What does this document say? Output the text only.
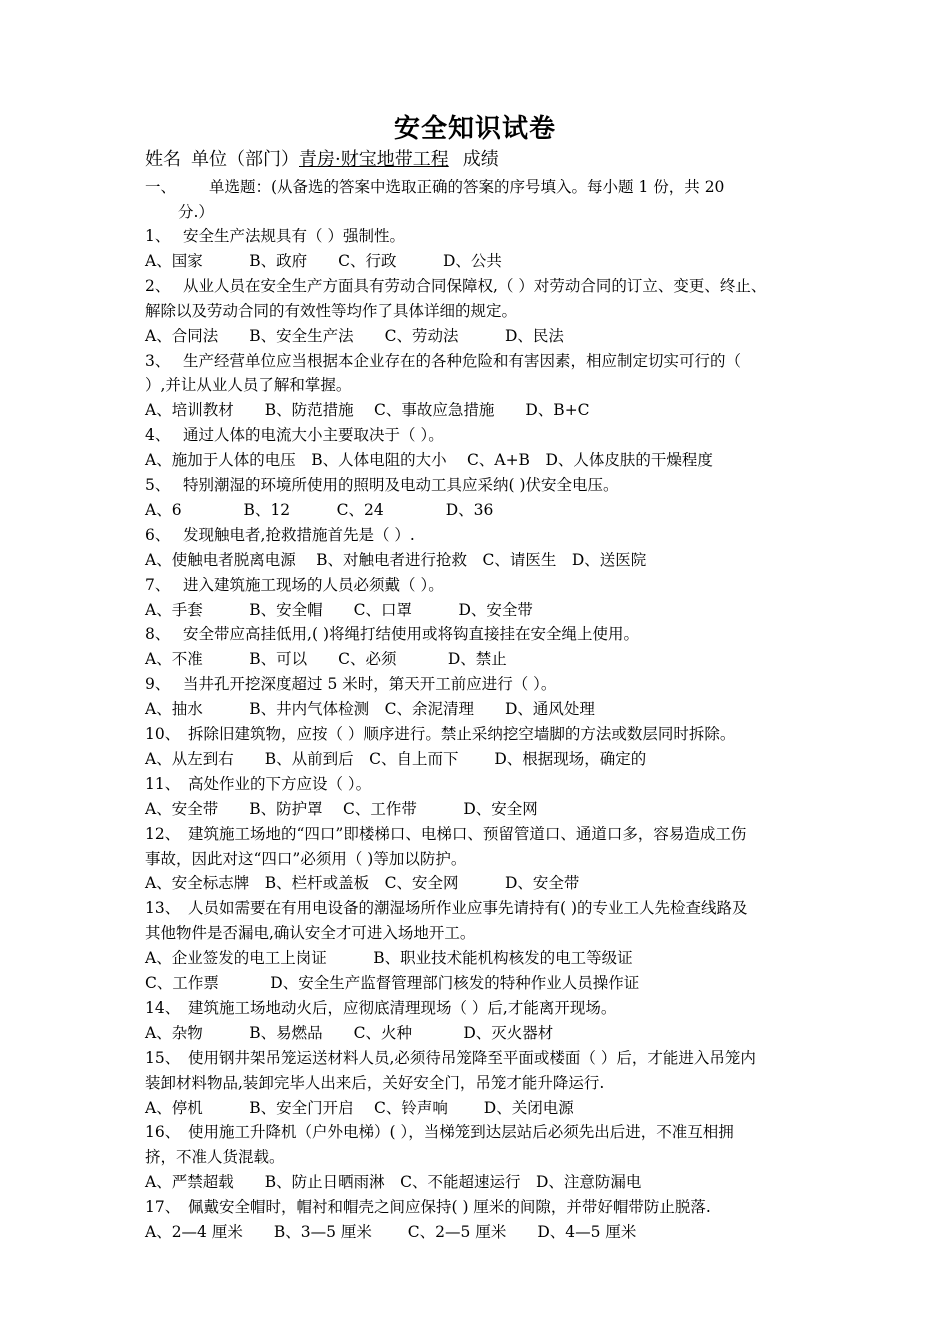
安全知识试卷
姓名 单位（部门）青房·财宝地带工程 成绩
一、 单选题：(从备选的答案中选取正确的答案的序号填入。每小题 1 份，共 20
分.）
1、　 安全生产法规具有（ ）强制性。
A、国家　　　B、政府　　C、行政　　　D、公共
2、　 从业人员在安全生产方面具有劳动合同保障权,（ ）对劳动合同的订立、变更、终止、
解除以及劳动合同的有效性等均作了具体详细的规定。
A、合同法　　B、安全生产法　　C、劳动法　　　D、民法
3、　 生产经营单位应当根据本企业存在的各种危险和有害因素，相应制定切实可行的（
）,并让从业人员了解和掌握。
A、培训教材　　B、防范措施　 C、事故应急措施　　D、B+C
4、　 通过人体的电流大小主要取决于（ ）。
A、施加于人体的电压　B、人体电阻的大小　 C、A+B　D、人体皮肤的干燥程度
5、　 特别潮湿的环境所使用的照明及电动工具应采纳( )伏安全电压。
A、6　　　　B、12　　　C、24　　　　D、36
6、　 发现触电者,抢救措施首先是（ ）.
A、使触电者脱离电源　 B、对触电者进行抢救　C、请医生　D、送医院
7、　 进入建筑施工现场的人员必须戴（ ）。
A、手套　　　B、安全帽　　C、口罩　　　D、安全带
8、　 安全带应高挂低用,( )将绳打结使用或将钩直接挂在安全绳上使用。
A、不准　　　B、可以　　C、必须　　　 D、禁止
9、　 当井孔开挖深度超过 5 米时，第天开工前应进行（ ）。
A、抽水　　　B、井内气体检测　C、余泥清理　　D、通风处理
10、　拆除旧建筑物，应按（ ）顺序进行。禁止采纳挖空墙脚的方法或数层同时拆除。
A、从左到右　　B、从前到后　C、自上而下　　 D、根据现场，确定的
11、　高处作业的下方应设（ ）。
A、安全带　　B、防护罩　 C、工作带　　　D、安全网
12、　建筑施工场地的“四口”即楼梯口、电梯口、预留管道口、通道口多，容易造成工伤
事故，因此对这“四口”必须用（ )等加以防护。
A、安全标志牌　B、栏杆或盖板　C、安全网　　　D、安全带
13、　人员如需要在有用电设备的潮湿场所作业应事先请持有( )的专业工人先检查线路及
其他物件是否漏电,确认安全才可进入场地开工。
A、企业签发的电工上岗证　　　B、职业技术能机构核发的电工等级证
C、工作票　　　 D、安全生产监督管理部门核发的特种作业人员操作证
14、　建筑施工场地动火后，应彻底清理现场（ ）后,才能离开现场。
A、杂物　　　B、易燃品　　C、火种　　　 D、灭火器材
15、　使用钢井架吊笼运送材料人员,必须待吊笼降至平面或楼面（ ）后，才能进入吊笼内
装卸材料物品,装卸完毕人出来后，关好安全门，吊笼才能升降运行.
A、停机　　　B、安全门开启　 C、铃声响　　 D、关闭电源
16、　使用施工升降机（户外电梯）( ），当梯笼到达层站后必须先出后进，不准互相拥
挤，不准人货混载。
A、严禁超载　　B、防止日晒雨淋　C、不能超速运行　D、注意防漏电
17、　佩戴安全帽时，帽衬和帽壳之间应保持( ) 厘米的间隙，并带好帽带防止脱落.
A、2—4 厘米　　B、3—5 厘米　　 C、2—5 厘米　　D、4—5 厘米
